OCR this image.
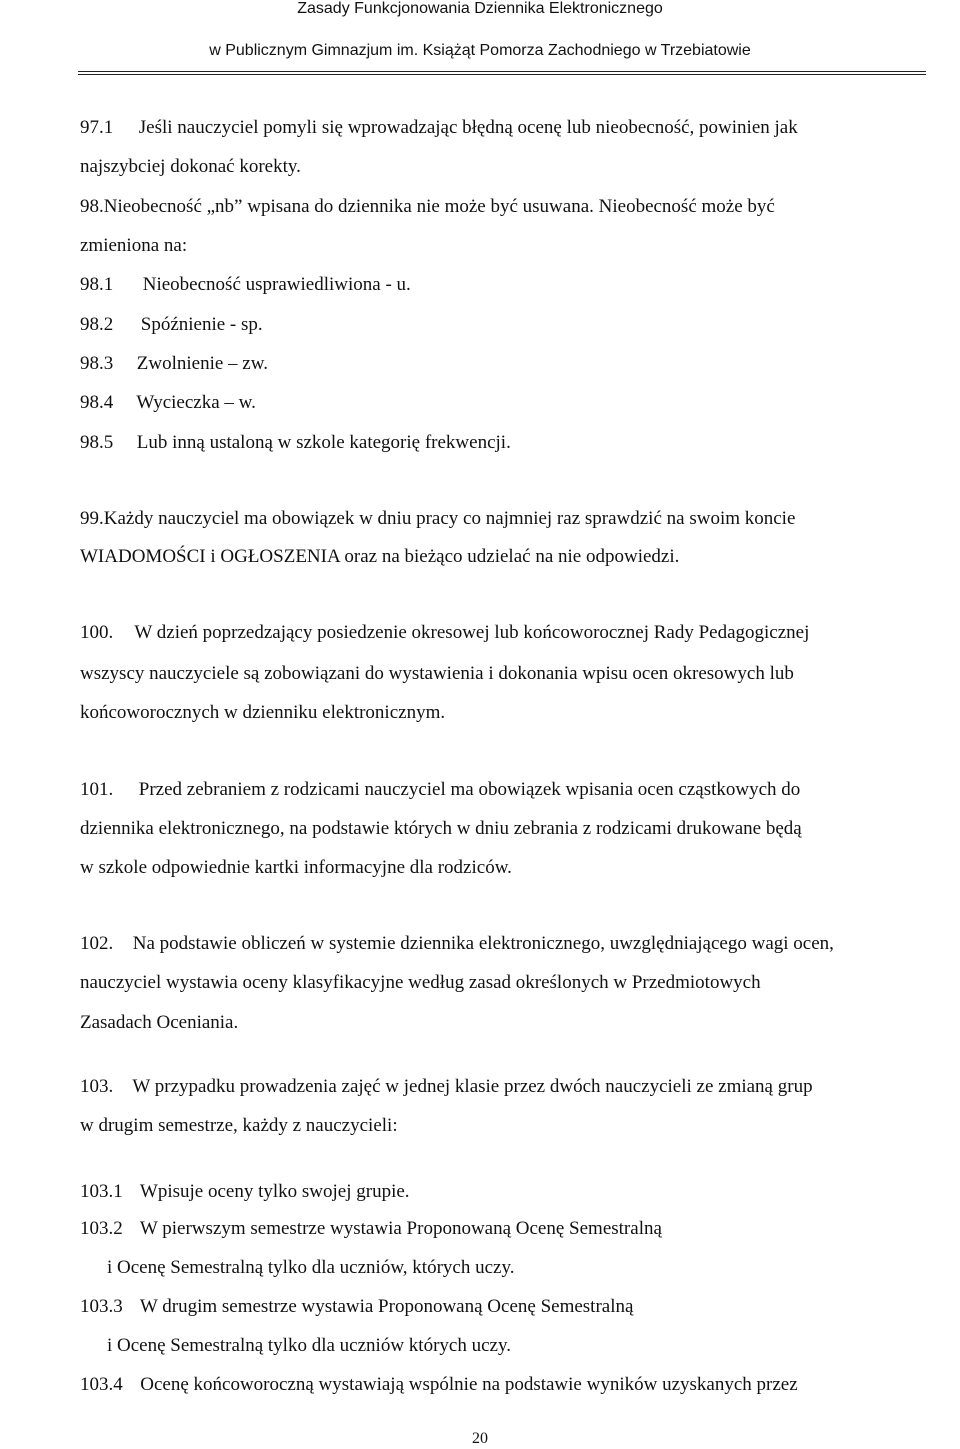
Zasady Funkcjonowania Dziennika Elektronicznego
w Publicznym Gimnazjum im. Książąt Pomorza Zachodniego w Trzebiatowie
97.1 Jeśli nauczyciel pomyli się wprowadzając błędną ocenę lub nieobecność, powinien jak
najszybciej dokonać korekty.
98.Nieobecność „nb” wpisana do dziennika nie może być usuwana. Nieobecność może być
zmieniona na:
98.1 Nieobecność usprawiedliwiona - u.
98.2 Spóźnienie - sp.
98.3 Zwolnienie – zw.
98.4 Wycieczka – w.
98.5 Lub inną ustaloną w szkole kategorię frekwencji.
99.Każdy nauczyciel ma obowiązek w dniu pracy co najmniej raz sprawdzić na swoim koncie
WIADOMOŚCI i OGŁOSZENIA oraz na bieżąco udzielać na nie odpowiedzi.
100. W dzień poprzedzający posiedzenie okresowej lub końcoworocznej Rady Pedagogicznej
wszyscy nauczyciele są zobowiązani do wystawienia i dokonania wpisu ocen okresowych lub
końcoworocznych w dzienniku elektronicznym.
101. Przed zebraniem z rodzicami nauczyciel ma obowiązek wpisania ocen cząstkowych do
dziennika elektronicznego, na podstawie których w dniu zebrania z rodzicami drukowane będą
w szkole odpowiednie kartki informacyjne dla rodziców.
102. Na podstawie obliczeń w systemie dziennika elektronicznego, uwzględniającego wagi ocen,
nauczyciel wystawia oceny klasyfikacyjne według zasad określonych w Przedmiotowych
Zasadach Oceniania.
103. W przypadku prowadzenia zajęć w jednej klasie przez dwóch nauczycieli ze zmianą grup
w drugim semestrze, każdy z nauczycieli:
103.1 Wpisuje oceny tylko swojej grupie.
103.2 W pierwszym semestrze wystawia Proponowaną Ocenę Semestralną
i Ocenę Semestralną tylko dla uczniów, których uczy.
103.3 W drugim semestrze wystawia Proponowaną Ocenę Semestralną
i Ocenę Semestralną tylko dla uczniów których uczy.
103.4 Ocenę końcoworoczną wystawiają wspólnie na podstawie wyników uzyskanych przez
20
